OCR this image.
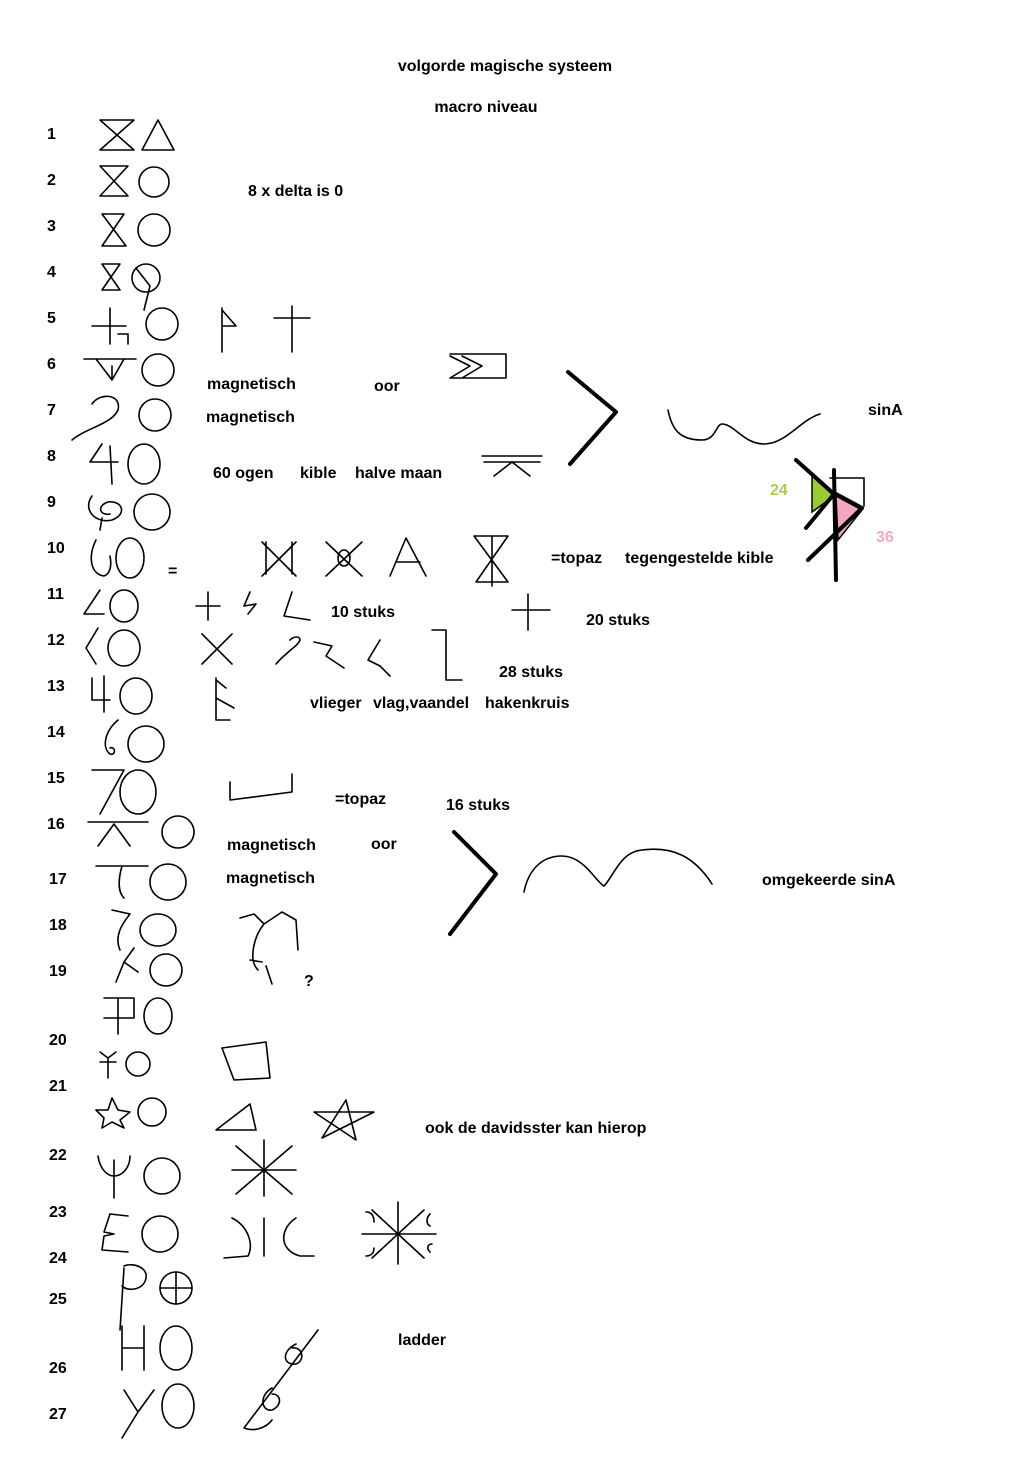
volgorde magische systeem
macro niveau
1
2
3
4
5
6
7
8
9
10
11
12
13
14
15
16
17
18
19
20
21
22
23
24
25
26
27
8 x delta is 0
magnetisch	oor
magnetisch	sinA
60 ogen kible halve maan
24
36
=
=topaz tegengestelde kible
10 stuks	20 stuks
28 stuks
vlieger vlag,vaandel hakenkruis
=topaz	16 stuks
magnetisch	oor
magnetisch	omgekeerde sinA
?
ook de davidsster kan hierop
ladder
